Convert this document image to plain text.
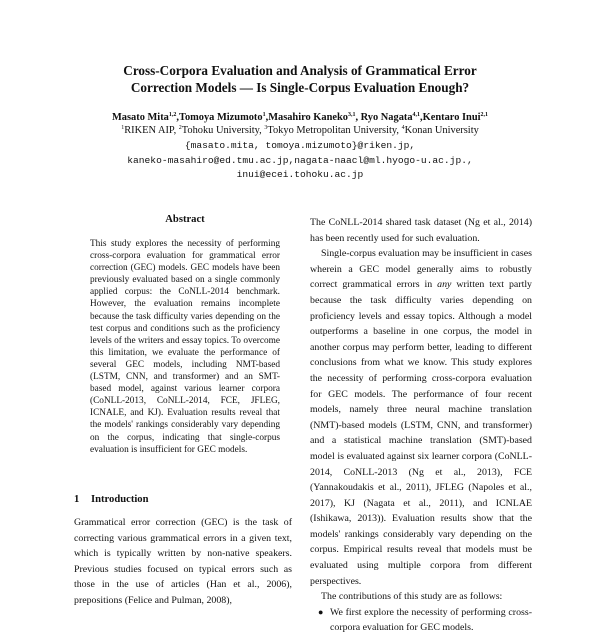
Cross-Corpora Evaluation and Analysis of Grammatical Error
Correction Models — Is Single-Corpus Evaluation Enough?
Masato Mita$^{1,2}$,Tomoya Mizumoto$^1$,Masahiro Kaneko$^{3,1}$, Ryo Nagata$^{4,1}$,Kentaro Inui$^{2,1}$
$^1$RIKEN AIP, $^2$Tohoku University, $^3$Tokyo Metropolitan University, $^4$Konan University
{masato.mita, tomoya.mizumoto}@riken.jp,
kaneko-masahiro@ed.tmu.ac.jp,nagata-naacl@ml.hyogo-u.ac.jp.,
inui@ecei.tohoku.ac.jp
Abstract
This study explores the necessity of performing cross-corpora evaluation for grammatical error correction (GEC) models. GEC models have been previously evaluated based on a single commonly applied corpus: the CoNLL-2014 benchmark. However, the evaluation remains incomplete because the task difficulty varies depending on the test corpus and conditions such as the proficiency levels of the writers and essay topics. To overcome this limitation, we evaluate the performance of several GEC models, including NMT-based (LSTM, CNN, and transformer) and an SMT-based model, against various learner corpora (CoNLL-2013, CoNLL-2014, FCE, JFLEG, ICNALE, and KJ). Evaluation results reveal that the models' rankings considerably vary depending on the corpus, indicating that single-corpus evaluation is insufficient for GEC models.
1 Introduction

Grammatical error correction (GEC) is the task of correcting various grammatical errors in a given text, which is typically written by non-native speakers. Previous studies focused on typical errors such as those in the use of articles (Han et al., 2006), prepositions (Felice and Pulman, 2008),

The CoNLL-2014 shared task dataset (Ng et al., 2014) has been recently used for such evaluation.

Single-corpus evaluation may be insufficient in cases wherein a GEC model generally aims to robustly correct grammatical errors in any written text partly because the task difficulty varies depending on proficiency levels and essay topics. Although a model outperforms a baseline in one corpus, the model in another corpus may perform better, leading to different conclusions from what we know. This study explores the necessity of performing cross-corpora evaluation for GEC models. The performance of four recent models, namely three neural machine translation (NMT)-based models (LSTM, CNN, and transformer) and a statistical machine translation (SMT)-based model is evaluated against six learner corpora (CoNLL-2014, CoNLL-2013 (Ng et al., 2013), FCE (Yannakoudakis et al., 2011), JFLEG (Napoles et al., 2017), KJ (Nagata et al., 2011), and ICNLAE (Ishikawa, 2013)). Evaluation results show that the models' rankings considerably vary depending on the corpus. Empirical results reveal that models must be evaluated using multiple corpora from different perspectives.

The contributions of this study are as follows:

● We first explore the necessity of performing cross-corpora evaluation for GEC models.
